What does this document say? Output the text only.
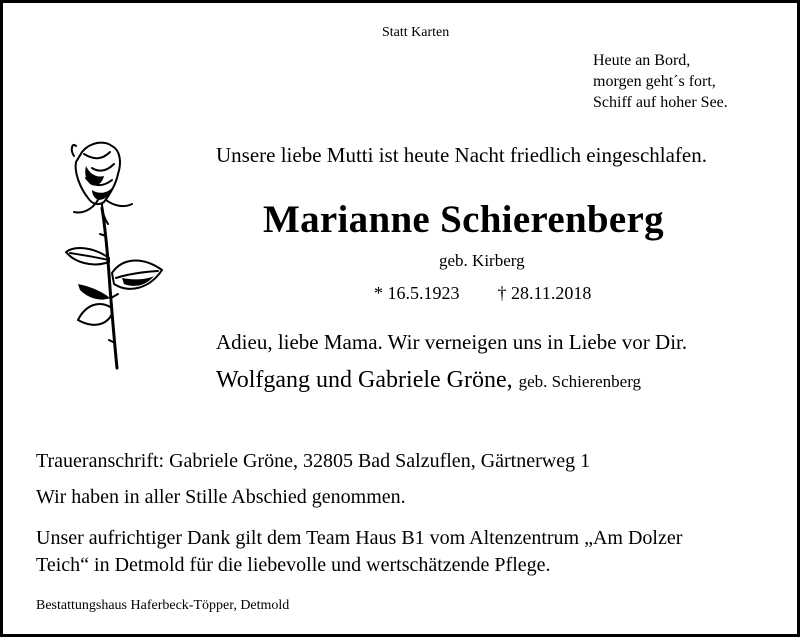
Statt Karten
Heute an Bord,
morgen geht´s fort,
Schiff auf hoher See.
Unsere liebe Mutti ist heute Nacht friedlich eingeschlafen.
Marianne Schierenberg
geb. Kirberg
* 16.5.1923 † 28.11.2018
Adieu, liebe Mama. Wir verneigen uns in Liebe vor Dir.
Wolfgang und Gabriele Gröne, geb. Schierenberg
Traueranschrift: Gabriele Gröne, 32805 Bad Salzuflen, Gärtnerweg 1
Wir haben in aller Stille Abschied genommen.
Unser aufrichtiger Dank gilt dem Team Haus B1 vom Altenzentrum „Am Dolzer
Teich“ in Detmold für die liebevolle und wertschätzende Pflege.
Bestattungshaus Haferbeck-Töpper, Detmold
